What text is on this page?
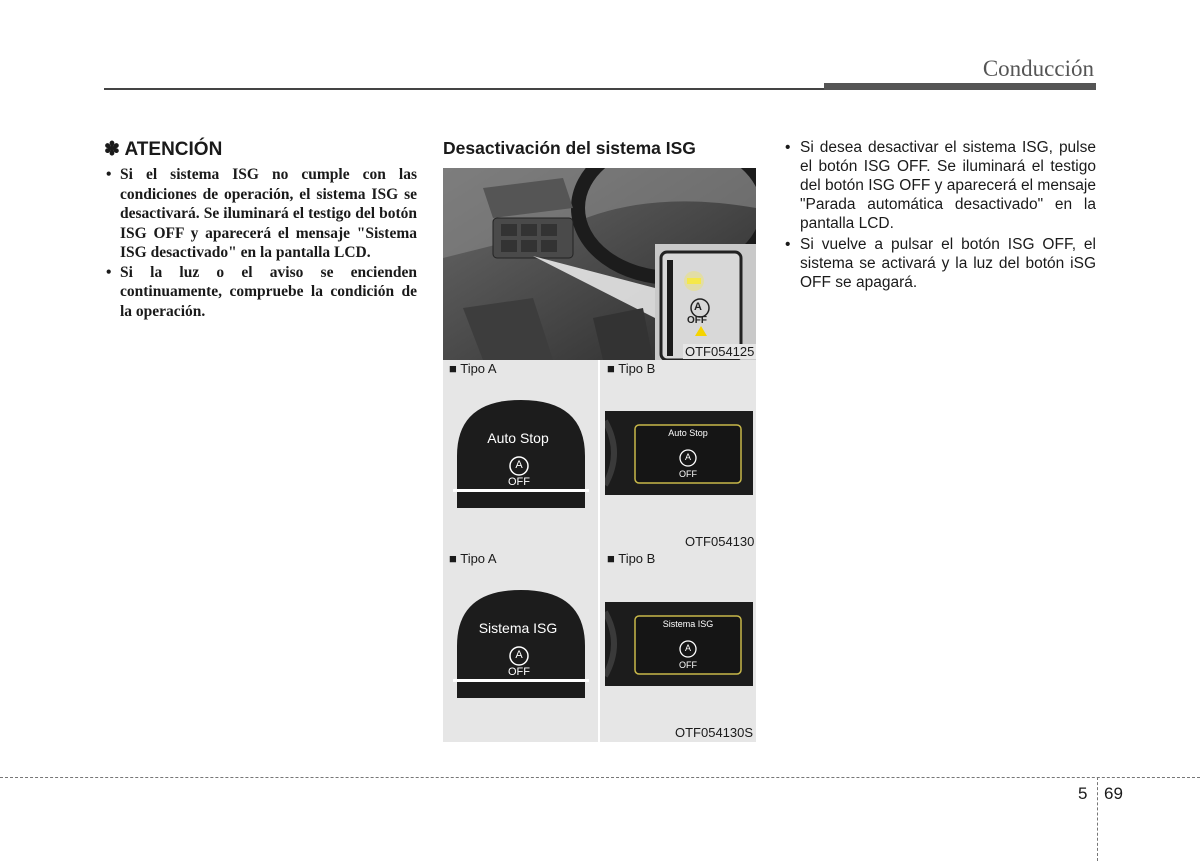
Conducción
✽ ATENCIÓN
• Si el sistema ISG no cumple con las condiciones de operación, el sistema ISG se desactivará. Se iluminará el testigo del botón ISG OFF y aparecerá el mensaje "Sistema ISG desactivado" en la pantalla LCD.
• Si la luz o el aviso se encienden continuamente, compruebe la condición de la operación.
Desactivación del sistema ISG
A
OFF
OTF054125
■ Tipo A	■ Tipo B
Auto Stop
A
OFF
Auto Stop
A
OFF
OTF054130
■ Tipo A	■ Tipo B
Sistema ISG
A
OFF
Sistema ISG
A
OFF
OTF054130S
• Si desea desactivar el sistema ISG, pulse el botón ISG OFF. Se iluminará el testigo del botón ISG OFF y aparecerá el mensaje "Parada automática desactivado" en la pantalla LCD.
• Si vuelve a pulsar el botón ISG OFF, el sistema se activará y la luz del botón iSG OFF se apagará.
5 69
